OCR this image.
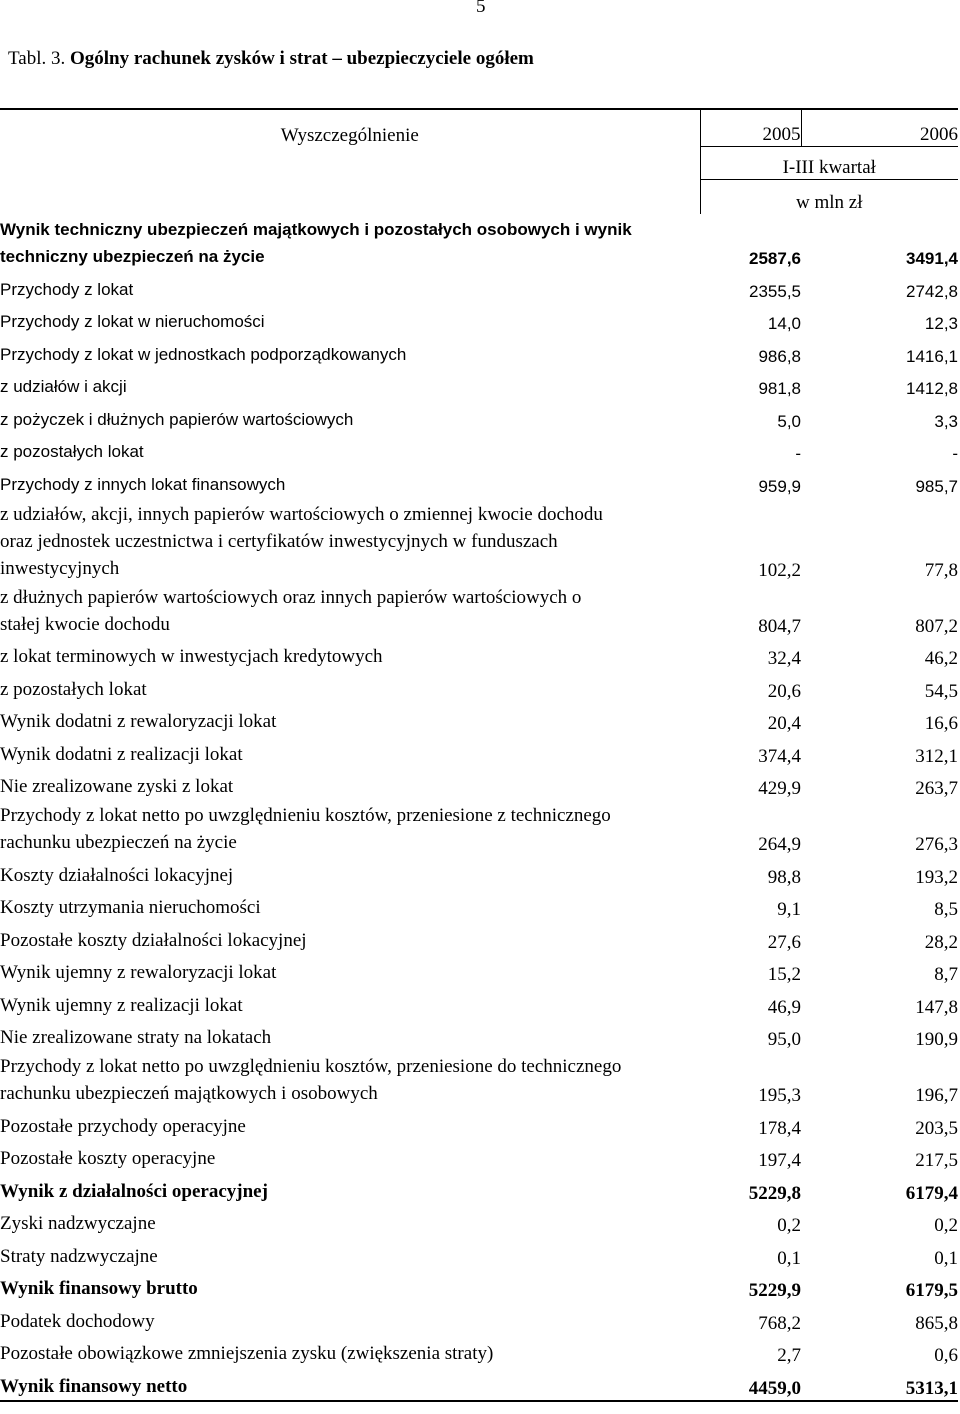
5
Tabl. 3. Ogólny rachunek zysków i strat – ubezpieczyciele ogółem
Wyszczególnienie	2005	2006
	I-III kwartał	
	w mln zł	
Wynik techniczny ubezpieczeń majątkowych i pozostałych osobowych i wynik techniczny ubezpieczeń na życie	2587,6	3491,4
Przychody z lokat	2355,5	2742,8
Przychody z lokat w nieruchomości	14,0	12,3
Przychody z lokat w jednostkach podporządkowanych	986,8	1416,1
z udziałów i akcji	981,8	1412,8
z pożyczek i dłużnych papierów wartościowych	5,0	3,3
z pozostałych lokat	-	-
Przychody z innych lokat finansowych	959,9	985,7
z udziałów, akcji, innych papierów wartościowych o zmiennej kwocie dochodu oraz jednostek uczestnictwa i certyfikatów inwestycyjnych w funduszach inwestycyjnych	102,2	77,8
z dłużnych papierów wartościowych oraz innych papierów wartościowych o stałej kwocie dochodu	804,7	807,2
z lokat terminowych w inwestycjach kredytowych	32,4	46,2
z pozostałych lokat	20,6	54,5
Wynik dodatni z rewaloryzacji lokat	20,4	16,6
Wynik dodatni z realizacji lokat	374,4	312,1
Nie zrealizowane zyski z lokat	429,9	263,7
Przychody z lokat netto po uwzględnieniu kosztów, przeniesione z technicznego rachunku ubezpieczeń na życie	264,9	276,3
Koszty działalności lokacyjnej	98,8	193,2
Koszty utrzymania nieruchomości	9,1	8,5
Pozostałe koszty działalności lokacyjnej	27,6	28,2
Wynik ujemny z rewaloryzacji lokat	15,2	8,7
Wynik ujemny z realizacji lokat	46,9	147,8
Nie zrealizowane straty na lokatach	95,0	190,9
Przychody z lokat netto po uwzględnieniu kosztów, przeniesione do technicznego rachunku ubezpieczeń majątkowych i osobowych	195,3	196,7
Pozostałe przychody operacyjne	178,4	203,5
Pozostałe koszty operacyjne	197,4	217,5
Wynik z działalności operacyjnej	5229,8	6179,4
Zyski nadzwyczajne	0,2	0,2
Straty nadzwyczajne	0,1	0,1
Wynik finansowy brutto	5229,9	6179,5
Podatek dochodowy	768,2	865,8
Pozostałe obowiązkowe zmniejszenia zysku (zwiększenia straty)	2,7	0,6
Wynik finansowy netto	4459,0	5313,1
